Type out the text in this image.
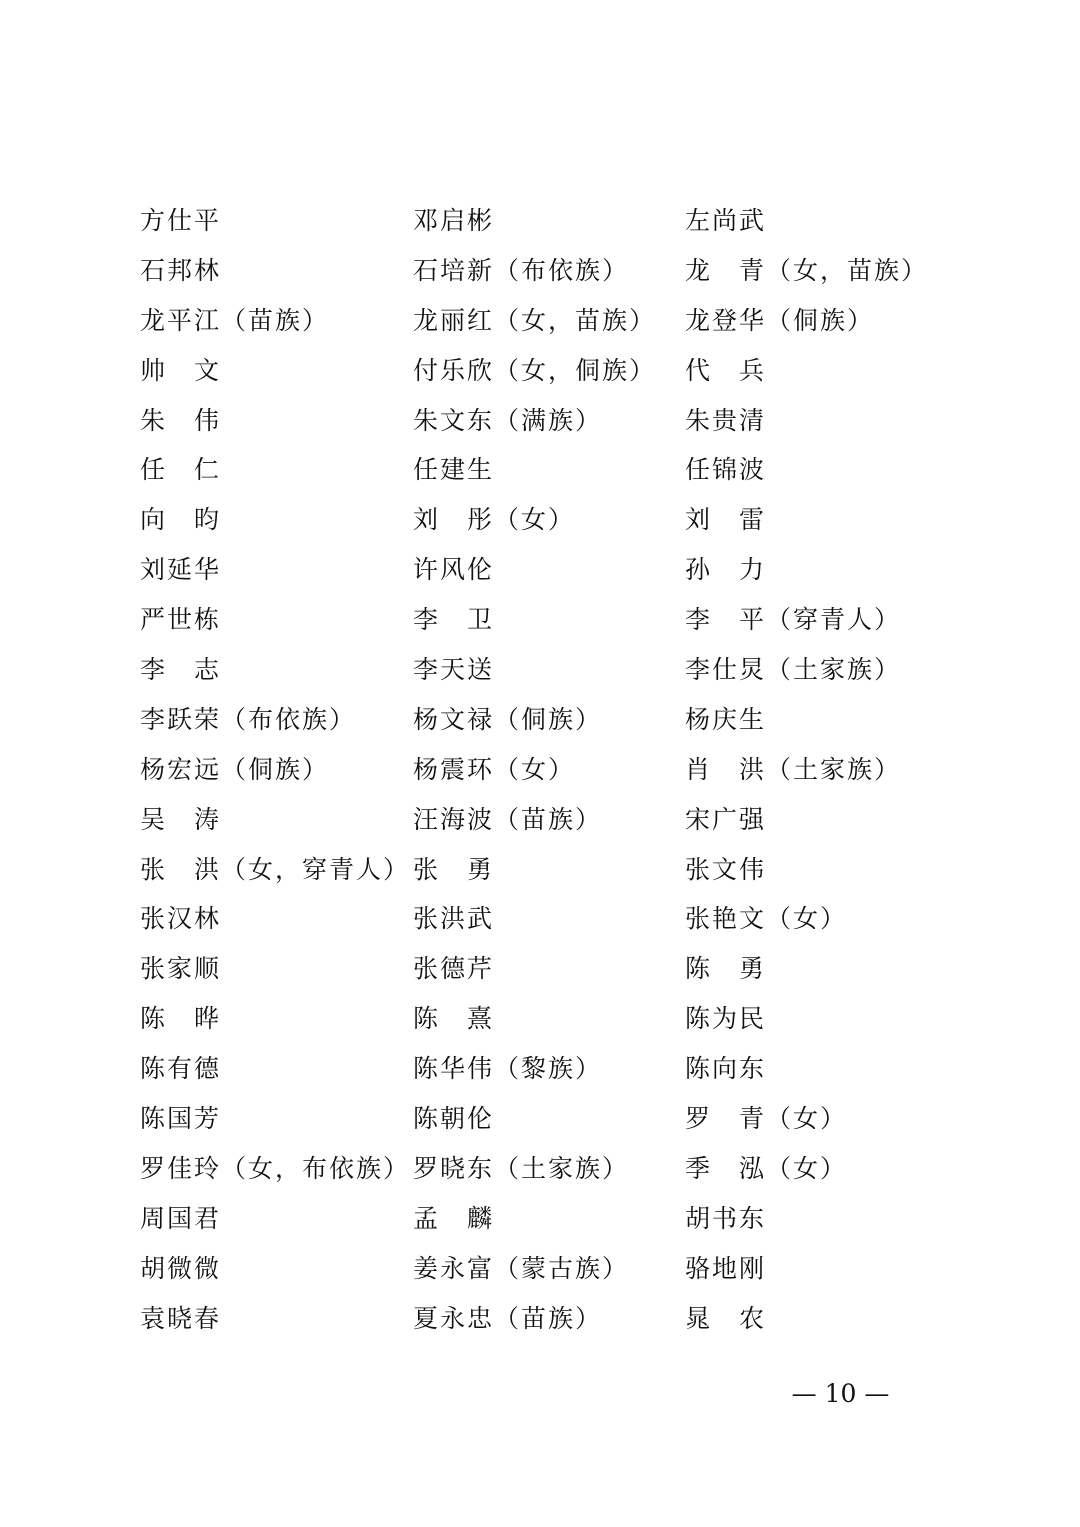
方仕平	邓启彬	左尚武
石邦林	石培新（布依族） 龙　青（女，苗族）
龙平江（苗族）	龙丽红（女，苗族） 龙登华（侗族）
帅　文	付乐欣（女，侗族） 代　兵
朱　伟	朱文东（满族）	朱贵清
任　仁	任建生	任锦波
向　昀	刘　彤（女）	刘　雷
刘延华	许风伦	孙　力
严世栋	李　卫	李　平（穿青人）
李　志	李天送	李仕炅（土家族）
李跃荣（布依族） 杨文禄（侗族）	杨庆生
杨宏远（侗族）	杨震环（女）	肖　洪（土家族）
吴　涛	汪海波（苗族）	宋广强
张　洪（女，穿青人） 张　勇	张文伟
张汉林	张洪武	张艳文（女）
张家顺	张德芹	陈　勇
陈　晔	陈　熹	陈为民
陈有德	陈华伟（黎族）	陈向东
陈国芳	陈朝伦	罗　青（女）
罗佳玲（女，布依族） 罗晓东（土家族） 季　泓（女）
周国君	孟　麟	胡书东
胡微微	姜永富（蒙古族） 骆地刚
袁晓春	夏永忠（苗族）	晁　农
— 10 —
